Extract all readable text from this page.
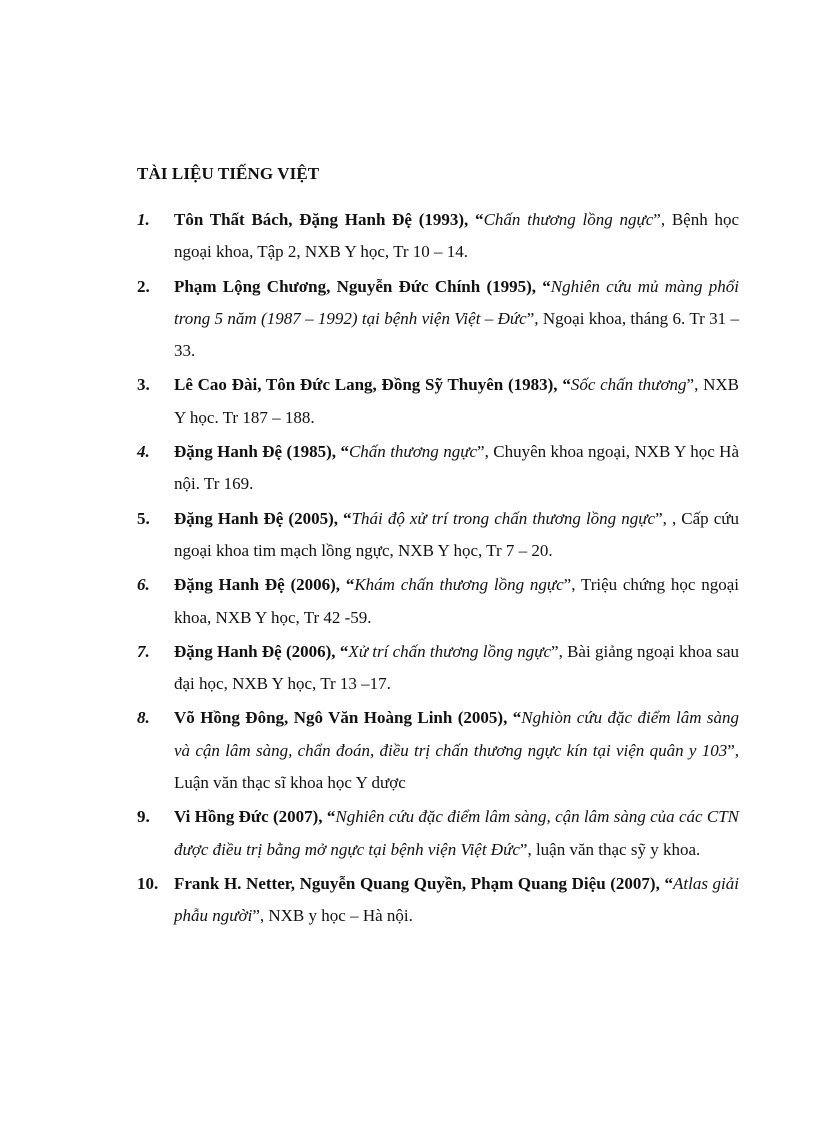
TÀI LIỆU TIẾNG VIỆT
1. Tôn Thất Bách, Đặng Hanh Đệ (1993), “Chấn thương lồng ngực”, Bệnh học ngoại khoa, Tập 2, NXB Y học, Tr 10 – 14.
2. Phạm Lộng Chương, Nguyễn Đức Chính (1995), “Nghiên cứu mủ màng phổi trong 5 năm (1987 – 1992) tại bệnh viện Việt – Đức”, Ngoại khoa, tháng 6. Tr 31 – 33.
3. Lê Cao Đài, Tôn Đức Lang, Đồng Sỹ Thuyên (1983), “Sốc chấn thương”, NXB Y học. Tr 187 – 188.
4. Đặng Hanh Đệ (1985), “Chấn thương ngực”, Chuyên khoa ngoại, NXB Y học Hà nội. Tr 169.
5. Đặng Hanh Đệ (2005), “Thái độ xử trí trong chấn thương lồng ngực”, , Cấp cứu ngoại khoa tim mạch lồng ngực, NXB Y học, Tr 7 – 20.
6. Đặng Hanh Đệ (2006), “Khám chấn thương lồng ngực”, Triệu chứng học ngoại khoa, NXB Y học, Tr 42 -59.
7. Đặng Hanh Đệ (2006), “Xử trí chấn thương lồng ngực”, Bài giảng ngoại khoa sau đại học, NXB Y học, Tr 13 –17.
8. Võ Hồng Đông, Ngô Văn Hoàng Linh (2005), “Nghiòn cứu đặc điểm lâm sàng và cận lâm sàng, chẩn đoán, điều trị chấn thương ngực kín tại viện quân y 103”, Luận văn thạc sĩ khoa học Y dược
9. Vi Hồng Đức (2007), “Nghiên cứu đặc điểm lâm sàng, cận lâm sàng của các CTN được điều trị bằng mở ngực tại bệnh viện Việt Đức”, luận văn thạc sỹ y khoa.
10. Frank H. Netter, Nguyễn Quang Quyền, Phạm Quang Diệu (2007), “Atlas giải phẫu người”, NXB y học – Hà nội.
